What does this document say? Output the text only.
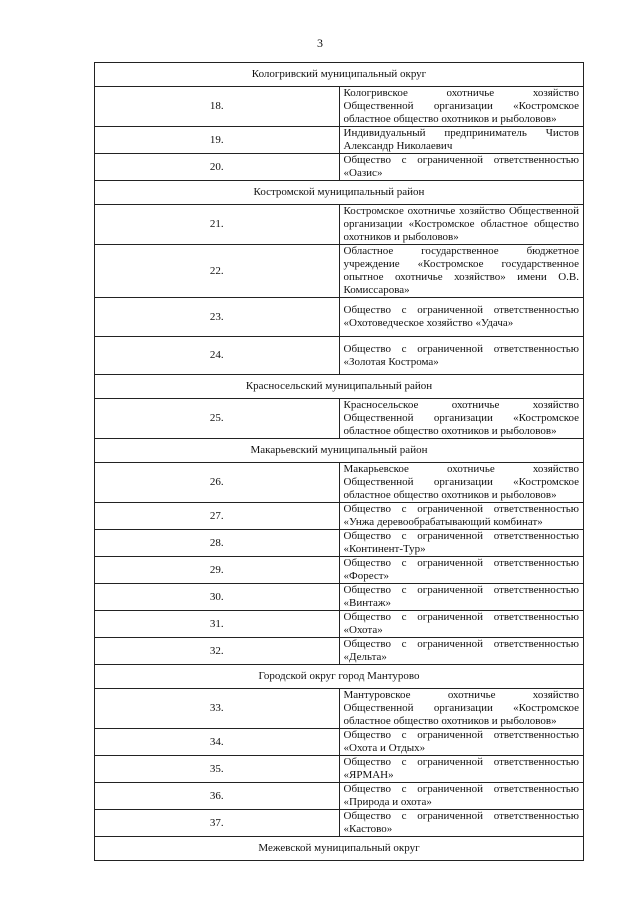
3
Кологривский муниципальный округ	
18.	Кологривское охотничье хозяйство Общественной организации «Костромское областное общество охотников и рыболовов»
19.	Индивидуальный предприниматель Чистов Александр Николаевич
20.	Общество с ограниченной ответственностью «Оазис»
Костромской муниципальный район	
21.	Костромское охотничье хозяйство Общественной организации «Костромское областное общество охотников и рыболовов»
22.	Областное государственное бюджетное учреждение «Костромское государственное опытное охотничье хозяйство» имени О.В. Комиссарова»
23.	Общество с ограниченной ответственностью «Охотоведческое хозяйство «Удача»
24.	Общество с ограниченной ответственностью «Золотая Кострома»
Красносельский муниципальный район	
25.	Красносельское охотничье хозяйство Общественной организации «Костромское областное общество охотников и рыболовов»
Макарьевский муниципальный район	
26.	Макарьевское охотничье хозяйство Общественной организации «Костромское областное общество охотников и рыболовов»
27.	Общество с ограниченной ответственностью «Унжа деревообрабатывающий комбинат»
28.	Общество с ограниченной ответственностью «Континент-Тур»
29.	Общество с ограниченной ответственностью «Форест»
30.	Общество с ограниченной ответственностью «Винтаж»
31.	Общество с ограниченной ответственностью «Охота»
32.	Общество с ограниченной ответственностью «Дельта»
Городской округ город Мантурово	
33.	Мантуровское охотничье хозяйство Общественной организации «Костромское областное общество охотников и рыболовов»
34.	Общество с ограниченной ответственностью «Охота и Отдых»
35.	Общество с ограниченной ответственностью «ЯРМАН»
36.	Общество с ограниченной ответственностью «Природа и охота»
37.	Общество с ограниченной ответственностью «Кастово»
Межевской муниципальный округ	
